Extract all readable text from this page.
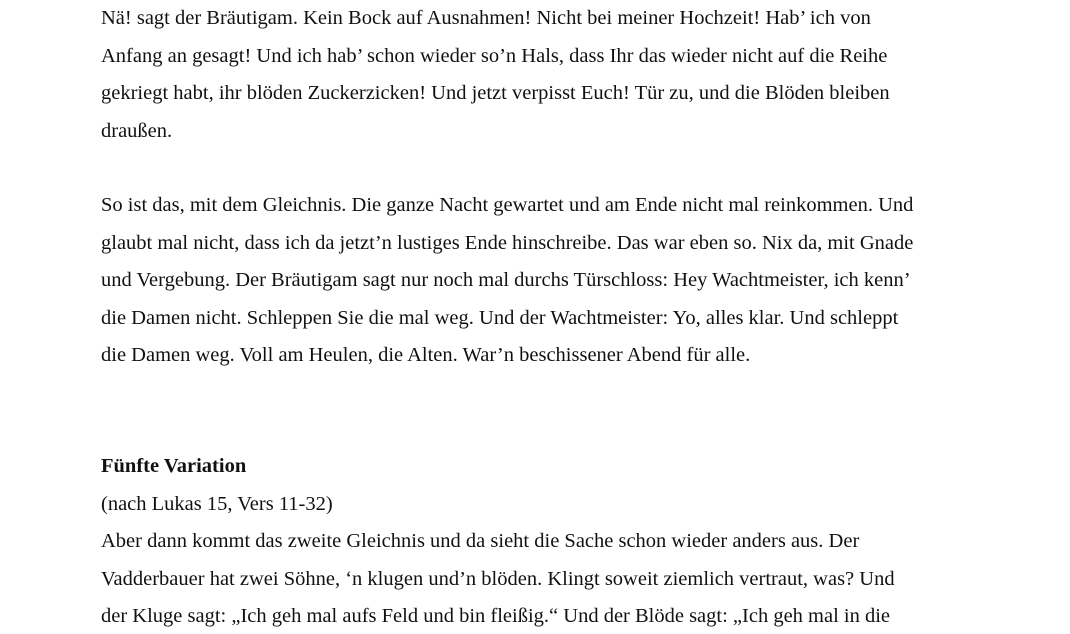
Nä! sagt der Bräutigam. Kein Bock auf Ausnahmen! Nicht bei meiner Hochzeit! Hab’ ich von
Anfang an gesagt! Und ich hab’ schon wieder so’n Hals, dass Ihr das wieder nicht auf die Reihe
gekriegt habt, ihr blöden Zuckerzicken! Und jetzt verpisst Euch! Tür zu, und die Blöden bleiben
draußen.
So ist das, mit dem Gleichnis. Die ganze Nacht gewartet und am Ende nicht mal reinkommen. Und
glaubt mal nicht, dass ich da jetzt’n lustiges Ende hinschreibe. Das war eben so. Nix da, mit Gnade
und Vergebung. Der Bräutigam sagt nur noch mal durchs Türschloss: Hey Wachtmeister, ich kenn’
die Damen nicht. Schleppen Sie die mal weg. Und der Wachtmeister: Yo, alles klar. Und schleppt
die Damen weg. Voll am Heulen, die Alten. War’n beschissener Abend für alle.
Fünfte Variation
(nach Lukas 15, Vers 11-32)
Aber dann kommt das zweite Gleichnis und da sieht die Sache schon wieder anders aus. Der
Vadderbauer hat zwei Söhne, ‘n klugen und’n blöden. Klingt soweit ziemlich vertraut, was? Und
der Kluge sagt: „Ich geh mal aufs Feld und bin fleißig.“ Und der Blöde sagt: „Ich geh mal in die
